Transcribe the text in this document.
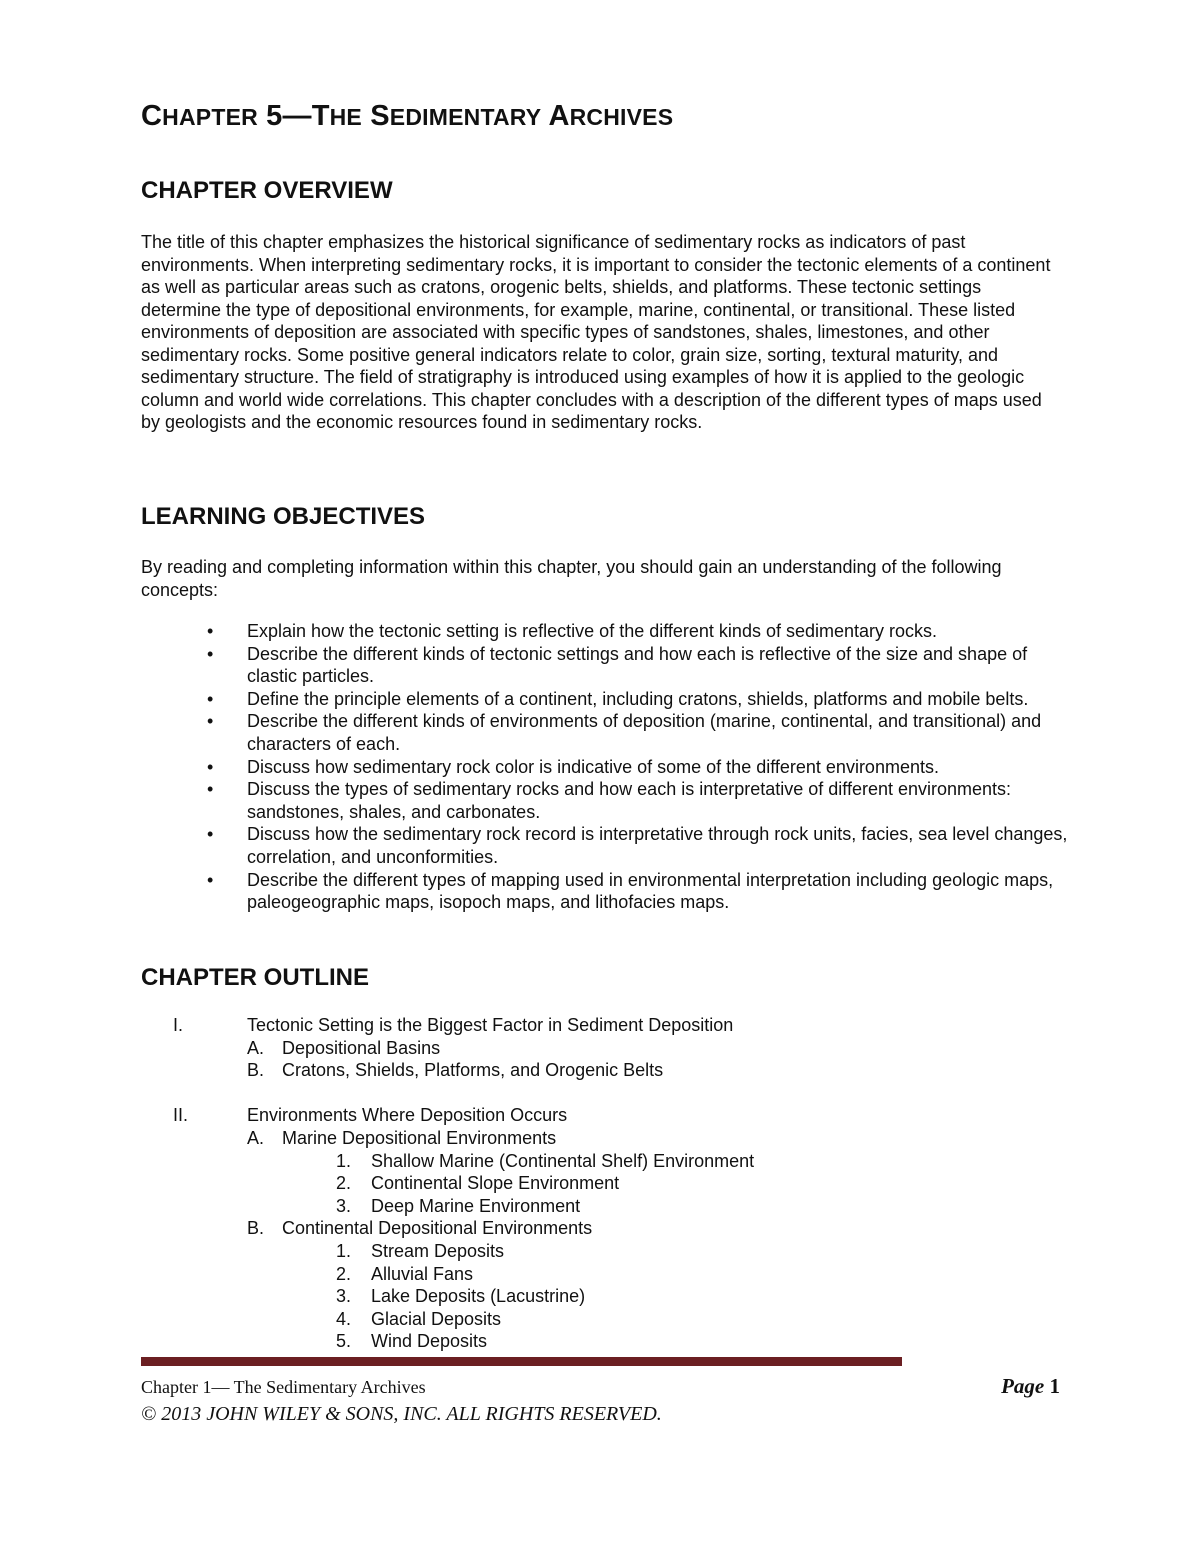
CHAPTER 5—THE SEDIMENTARY ARCHIVES
CHAPTER OVERVIEW

The title of this chapter emphasizes the historical significance of sedimentary rocks as indicators of past environments. When interpreting sedimentary rocks, it is important to consider the tectonic elements of a continent as well as particular areas such as cratons, orogenic belts, shields, and platforms. These tectonic settings determine the type of depositional environments, for example, marine, continental, or transitional. These listed environments of deposition are associated with specific types of sandstones, shales, limestones, and other sedimentary rocks. Some positive general indicators relate to color, grain size, sorting, textural maturity, and sedimentary structure. The field of stratigraphy is introduced using examples of how it is applied to the geologic column and world wide correlations. This chapter concludes with a description of the different types of maps used by geologists and the economic resources found in sedimentary rocks.

LEARNING OBJECTIVES

By reading and completing information within this chapter, you should gain an understanding of the following concepts:

• Explain how the tectonic setting is reflective of the different kinds of sedimentary rocks.
• Describe the different kinds of tectonic settings and how each is reflective of the size and shape of clastic particles.
• Define the principle elements of a continent, including cratons, shields, platforms and mobile belts.
• Describe the different kinds of environments of deposition (marine, continental, and transitional) and characters of each.
• Discuss how sedimentary rock color is indicative of some of the different environments.
• Discuss the types of sedimentary rocks and how each is interpretative of different environments: sandstones, shales, and carbonates.
• Discuss how the sedimentary rock record is interpretative through rock units, facies, sea level changes, correlation, and unconformities.
• Describe the different types of mapping used in environmental interpretation including geologic maps, paleogeographic maps, isopoch maps, and lithofacies maps.
CHAPTER OUTLINE
I.	Tectonic Setting is the Biggest Factor in Sediment Deposition
A. Depositional Basins
B. Cratons, Shields, Platforms, and Orogenic Belts
II.	Environments Where Deposition Occurs
A. Marine Depositional Environments
1. Shallow Marine (Continental Shelf) Environment
2. Continental Slope Environment
3. Deep Marine Environment
B. Continental Depositional Environments
1. Stream Deposits
2. Alluvial Fans
3. Lake Deposits (Lacustrine)
4. Glacial Deposits
5. Wind Deposits
Chapter 1— The Sedimentary Archives	Page 1
© 2013 JOHN WILEY & SONS, INC. ALL RIGHTS RESERVED.
